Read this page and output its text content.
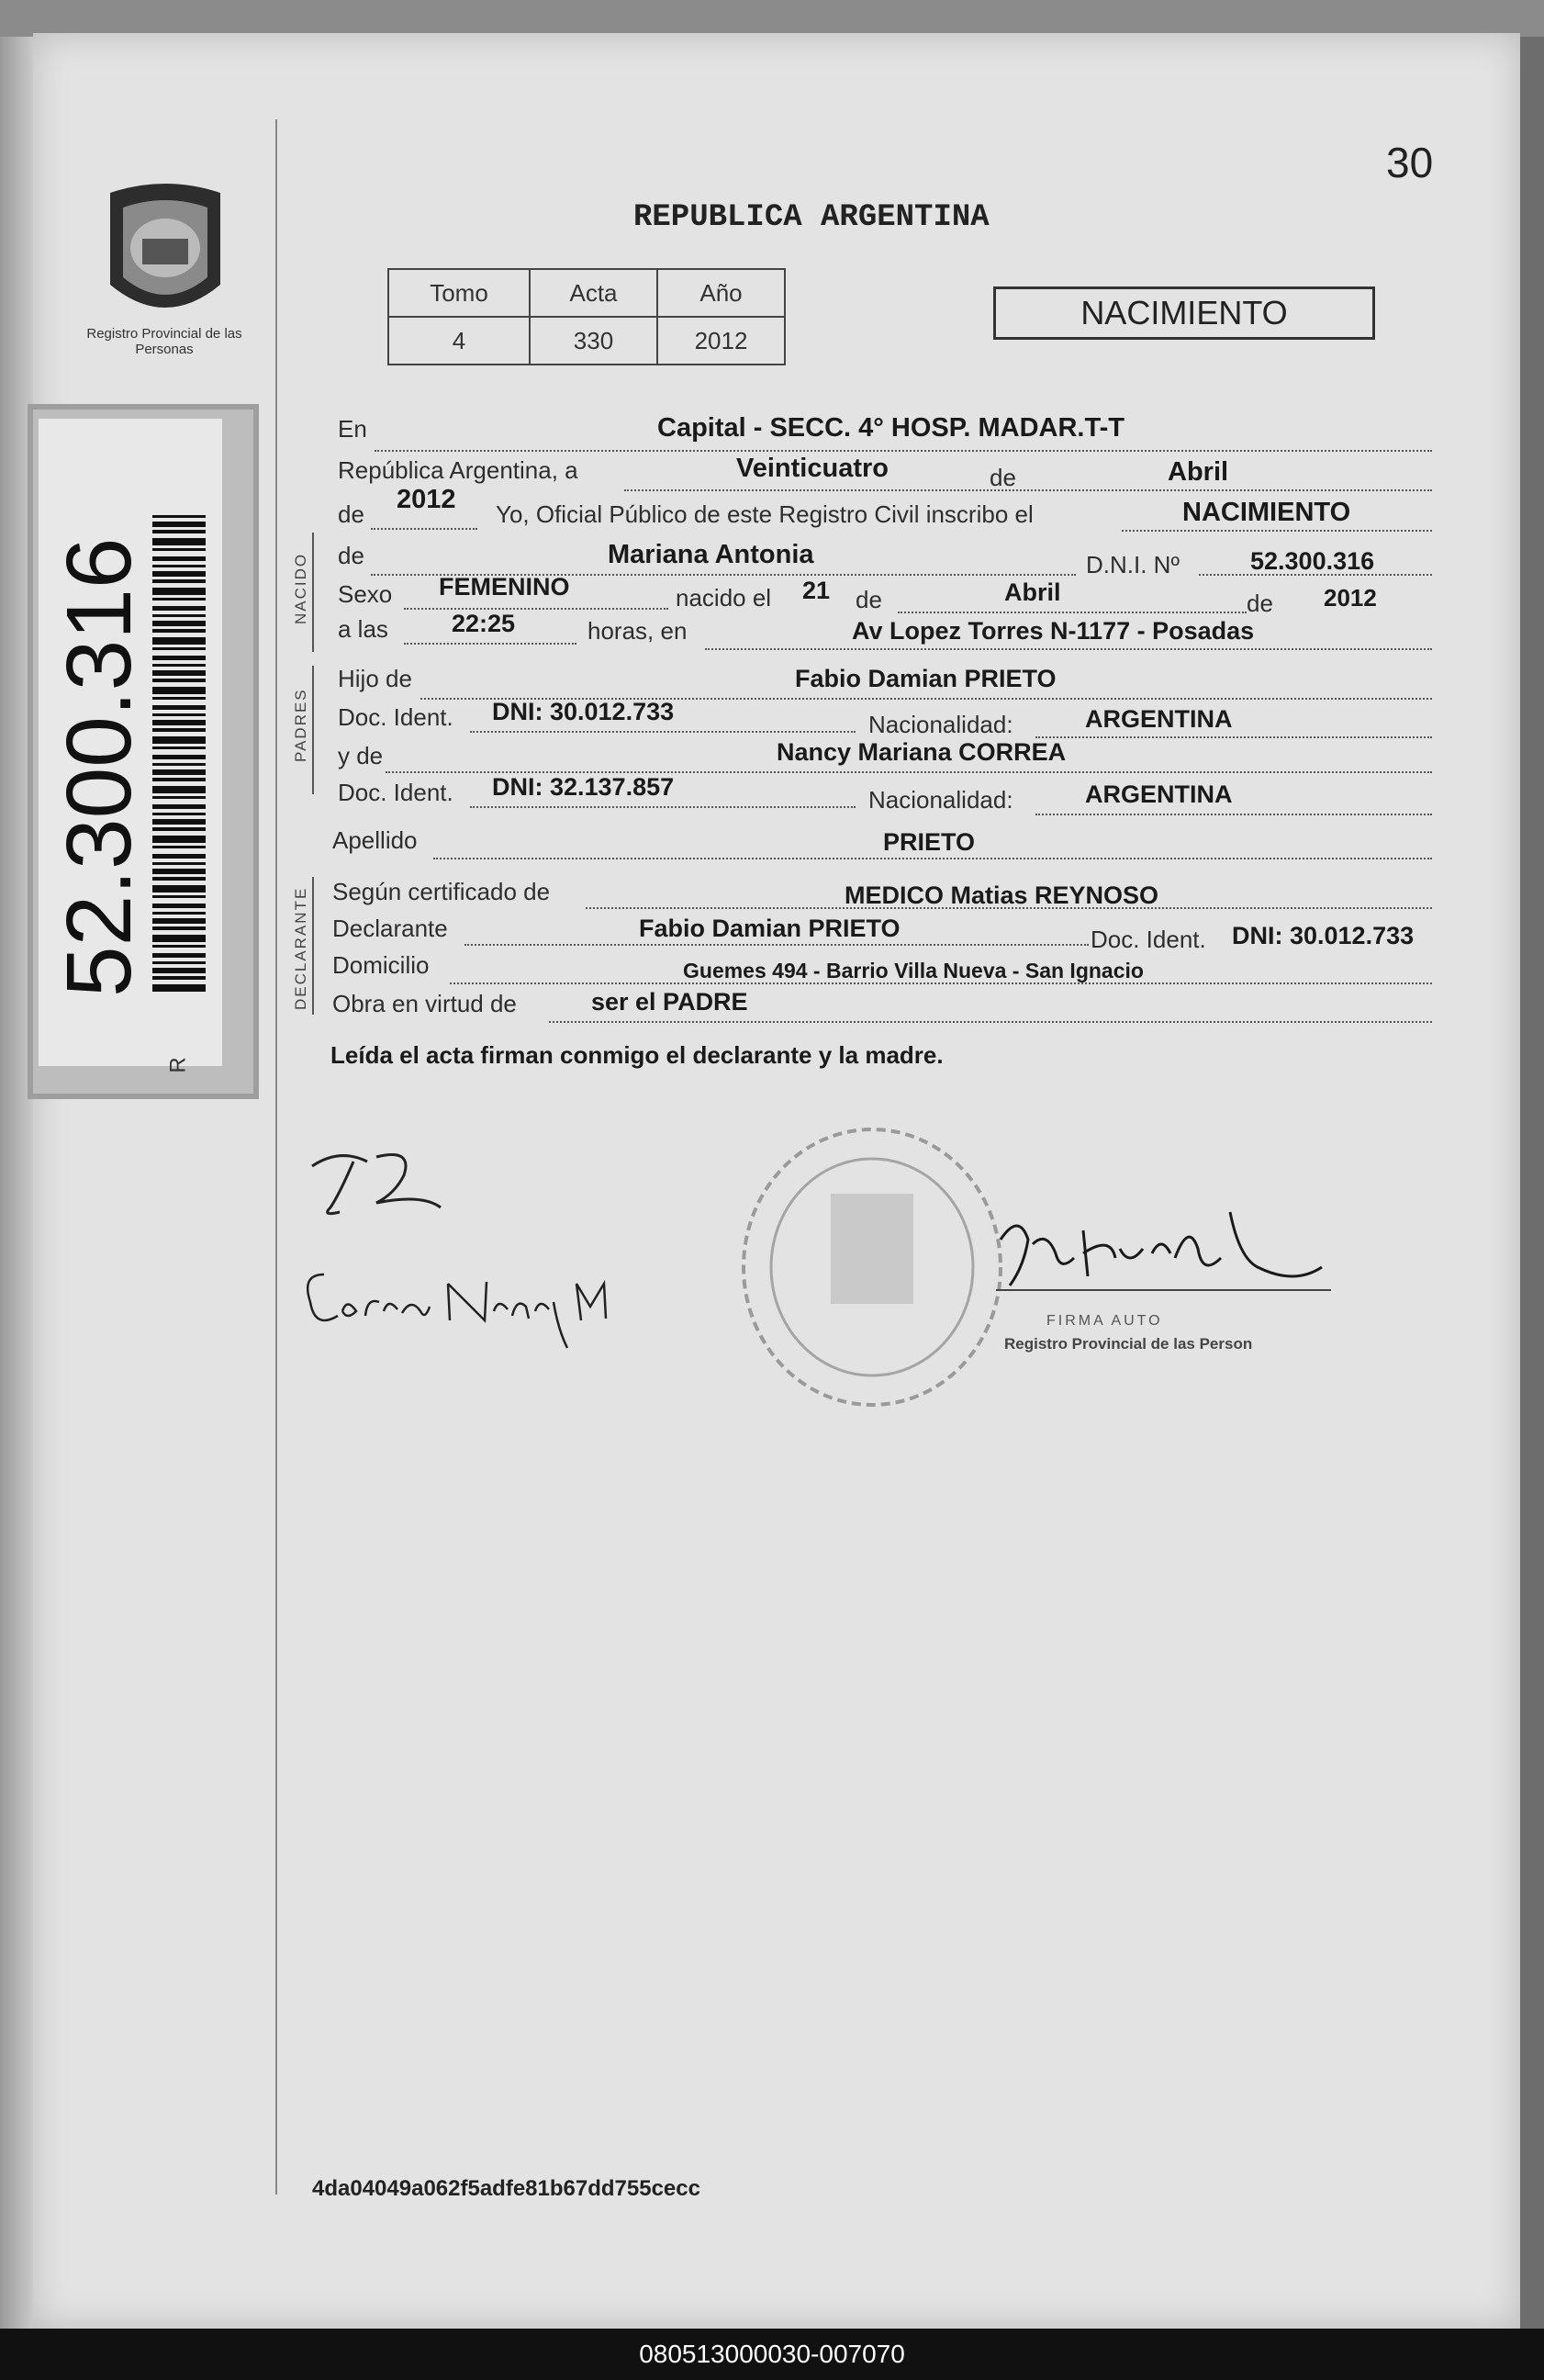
30
Registro Provincial de las Personas
52.300.316
R
REPUBLICA ARGENTINA
Tomo	Acta	Año
4	330	2012
NACIMIENTO
NACIDO
PADRES
DECLARANTE
En	Capital - SECC. 4° HOSP. MADAR.T-T
República Argentina, a	Veinticuatro	de	Abril
de 2012 Yo, Oficial Público de este Registro Civil inscribo el	NACIMIENTO
de	Mariana Antonia	D.N.I. Nº	52.300.316
Sexo FEMENINO	nacido el 21 de	Abril	de 2012
a las	22:25	horas, en	Av Lopez Torres N-1177 - Posadas
Hijo de	Fabio Damian PRIETO
Doc. Ident. DNI: 30.012.733	Nacionalidad:	ARGENTINA
y de	Nancy Mariana CORREA
Doc. Ident. DNI: 32.137.857	Nacionalidad:	ARGENTINA
Apellido	PRIETO
Según certificado de	MEDICO Matias REYNOSO
Declarante	Fabio Damian PRIETO	Doc. Ident. DNI: 30.012.733
Domicilio	Guemes 494 - Barrio Villa Nueva - San Ignacio
Obra en virtud de	ser el PADRE
Leída el acta firman conmigo el declarante y la madre.
FIRMA AUTO
Registro Provincial de las Person
4da04049a062f5adfe81b67dd755cecc
080513000030-007070
